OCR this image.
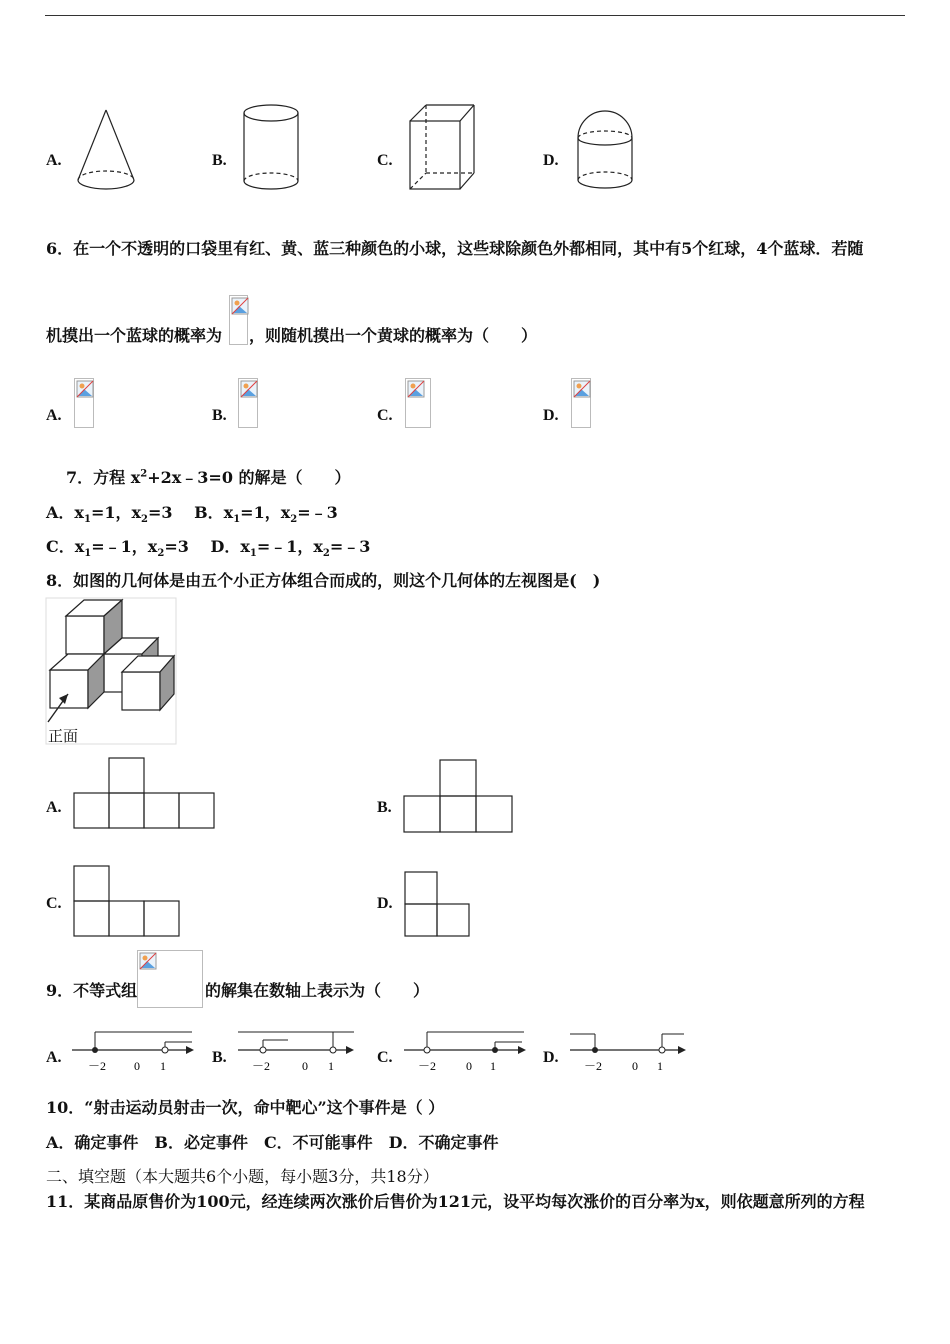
A.	B.	C.	D.
6．在一个不透明的口袋里有红、黄、蓝三种颜色的小球，这些球除颜色外都相同，其中有5个红球，4个蓝球．若随
机摸出一个蓝球的概率为 ，则随机摸出一个黄球的概率为（　　）
A.	B.	C.	D.
7．方程 $x^2+2x﹣3=0$ 的解是（　　）
A．$x_1=1$，$x_2=3$　 B．$x_1=1$，$x_2=﹣3$
C．$x_1=﹣1$，$x_2=3$　 D．$x_1=﹣1$，$x_2=﹣3$
8．如图的几何体是由五个小正方体组合而成的，则这个几何体的左视图是(　)
正面
A.	B.
C.	D.
9．不等式组	的解集在数轴上表示为（　　）
A. －2 0 1	B. －2	0 1	C. －2 0 1	D. －2 0 1
10．“射击运动员射击一次，命中靶心”这个事件是（ ）
A．确定事件　B．必定事件　C．不可能事件　D．不确定事件
二、填空题（本大题共6个小题，每小题3分，共18分）
11．某商品原售价为100元，经连续两次涨价后售价为121元，设平均每次涨价的百分率为x，则依题意所列的方程
